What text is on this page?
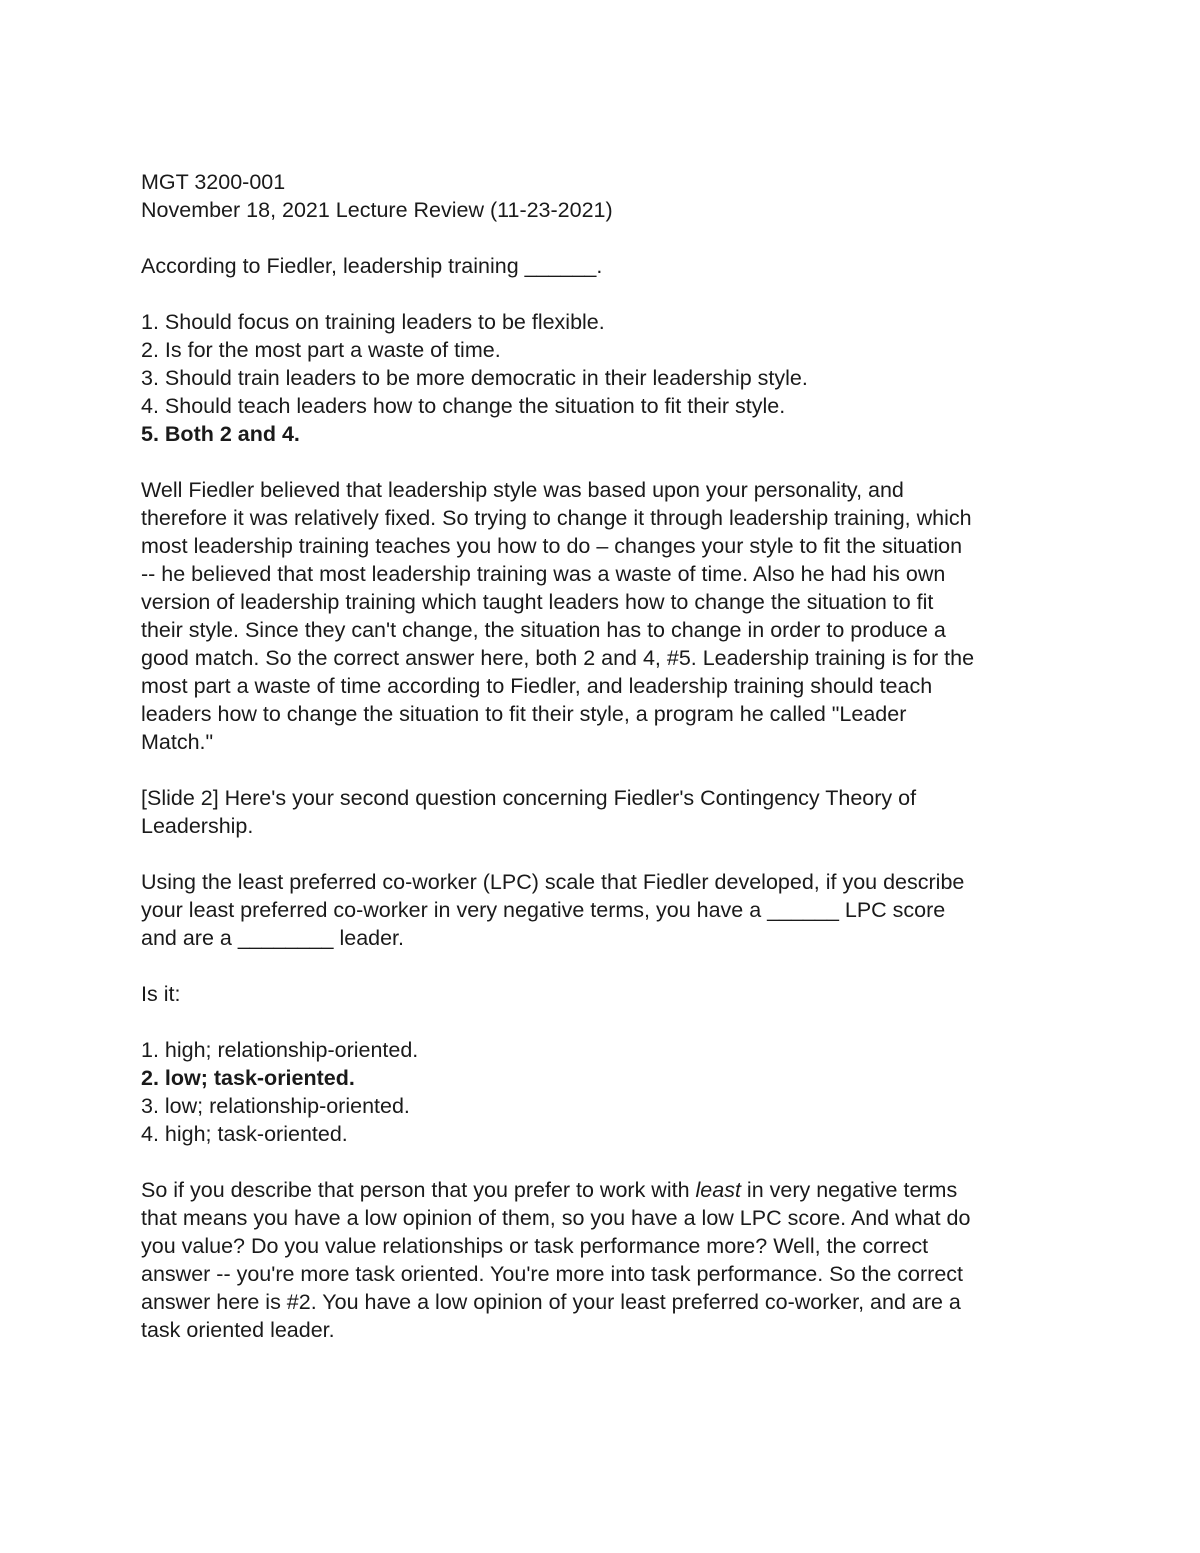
MGT 3200-001
November 18, 2021 Lecture Review (11-23-2021)
According to Fiedler, leadership training ______.
1. Should focus on training leaders to be flexible.
2. Is for the most part a waste of time.
3. Should train leaders to be more democratic in their leadership style.
4. Should teach leaders how to change the situation to fit their style.
5. Both 2 and 4.
Well Fiedler believed that leadership style was based upon your personality, and
therefore it was relatively fixed. So trying to change it through leadership training, which
most leadership training teaches you how to do – changes your style to fit the situation
-- he believed that most leadership training was a waste of time. Also he had his own
version of leadership training which taught leaders how to change the situation to fit
their style. Since they can't change, the situation has to change in order to produce a
good match. So the correct answer here, both 2 and 4, #5. Leadership training is for the
most part a waste of time according to Fiedler, and leadership training should teach
leaders how to change the situation to fit their style, a program he called "Leader
Match."
[Slide 2] Here's your second question concerning Fiedler's Contingency Theory of
Leadership.
Using the least preferred co-worker (LPC) scale that Fiedler developed, if you describe
your least preferred co-worker in very negative terms, you have a ______ LPC score
and are a ________ leader.
Is it:
1. high; relationship-oriented.
2. low; task-oriented.
3. low; relationship-oriented.
4. high; task-oriented.
So if you describe that person that you prefer to work with least in very negative terms
that means you have a low opinion of them, so you have a low LPC score. And what do
you value? Do you value relationships or task performance more? Well, the correct
answer -- you're more task oriented. You're more into task performance. So the correct
answer here is #2. You have a low opinion of your least preferred co-worker, and are a
task oriented leader.
